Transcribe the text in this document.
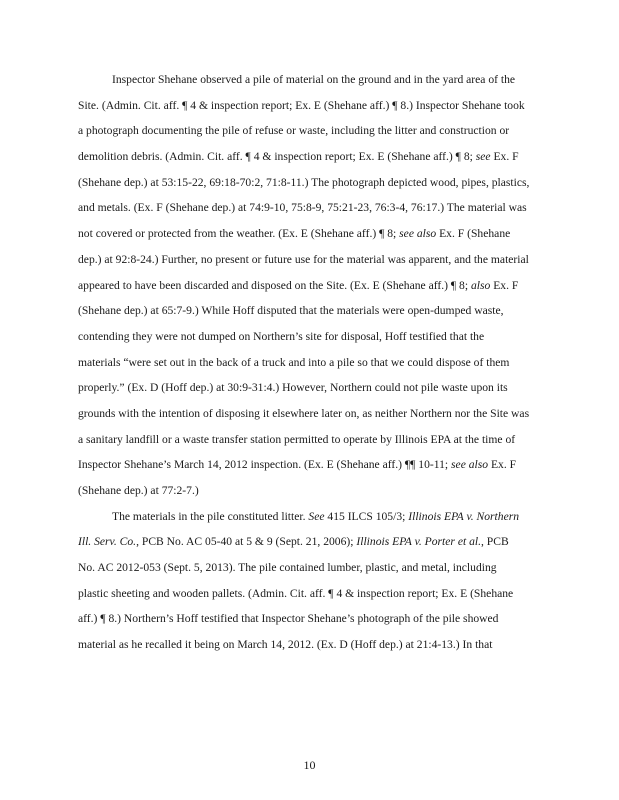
Inspector Shehane observed a pile of material on the ground and in the yard area of the
Site. (Admin. Cit. aff. ¶ 4 & inspection report; Ex. E (Shehane aff.) ¶ 8.) Inspector Shehane took
a photograph documenting the pile of refuse or waste, including the litter and construction or
demolition debris. (Admin. Cit. aff. ¶ 4 & inspection report; Ex. E (Shehane aff.) ¶ 8; see Ex. F
(Shehane dep.) at 53:15-22, 69:18-70:2, 71:8-11.) The photograph depicted wood, pipes, plastics,
and metals. (Ex. F (Shehane dep.) at 74:9-10, 75:8-9, 75:21-23, 76:3-4, 76:17.) The material was
not covered or protected from the weather. (Ex. E (Shehane aff.) ¶ 8; see also Ex. F (Shehane
dep.) at 92:8-24.) Further, no present or future use for the material was apparent, and the material
appeared to have been discarded and disposed on the Site. (Ex. E (Shehane aff.) ¶ 8; also Ex. F
(Shehane dep.) at 65:7-9.) While Hoff disputed that the materials were open-dumped waste,
contending they were not dumped on Northern’s site for disposal, Hoff testified that the
materials “were set out in the back of a truck and into a pile so that we could dispose of them
properly.” (Ex. D (Hoff dep.) at 30:9-31:4.) However, Northern could not pile waste upon its
grounds with the intention of disposing it elsewhere later on, as neither Northern nor the Site was
a sanitary landfill or a waste transfer station permitted to operate by Illinois EPA at the time of
Inspector Shehane’s March 14, 2012 inspection. (Ex. E (Shehane aff.) ¶¶ 10-11; see also Ex. F
(Shehane dep.) at 77:2-7.)
The materials in the pile constituted litter. See 415 ILCS 105/3; Illinois EPA v. Northern
Ill. Serv. Co., PCB No. AC 05-40 at 5 & 9 (Sept. 21, 2006); Illinois EPA v. Porter et al., PCB
No. AC 2012-053 (Sept. 5, 2013). The pile contained lumber, plastic, and metal, including
plastic sheeting and wooden pallets. (Admin. Cit. aff. ¶ 4 & inspection report; Ex. E (Shehane
aff.) ¶ 8.) Northern’s Hoff testified that Inspector Shehane’s photograph of the pile showed
material as he recalled it being on March 14, 2012. (Ex. D (Hoff dep.) at 21:4-13.) In that
10
